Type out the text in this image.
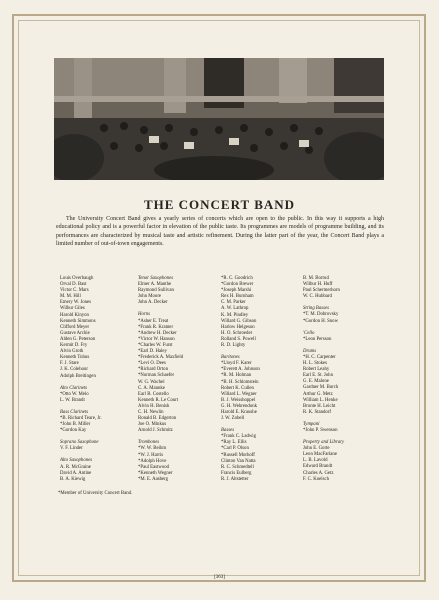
THE CONCERT BAND
The University Concert Band gives a yearly series of concerts which are open to the public. In this way it supports a high educational policy and is a powerful factor in elevation of the public taste. Its programmes are models of programme building, and its performances are characterized by musical taste and artistic refinement. During the latter part of the year, the Concert Band plays a limited number of out-of-town engagements.
Louis Overbaugh
Orval D. Bast
Victor C. Mars
M. M. Hill
Emery W. Jones
Wilbur Giles
Harold Kinyon
Kenneth Simmons
Clifford Meyer
Gustave Archie
Alden G. Peterson
Kermit D. Fry
Alvin Groth
Kenneth Tuhus
F. J. Stare
J. K. Colehour
Adolph Breitingen
Alto Clarinets
*Otto W. Melo
L. W. Brandt
Bass Clarinets
*B. Richard Teare, Jr.
*John B. Miller
*Gordon Kay
Soprano Saxophone
V. F. Linder
Alto Saxophones
A. R. McGraine
David A. Antine
B. A. Kiewig
Tenor Saxophones
Elmer A. Manthe
Raymond Sullivan
John Moore
John A. Decker
Horns
*Asher E. Treat
*Frank R. Kramer
*Andrew H. Decker
*Victor W. Hanson
*Charles W. Furst
*Earl D. Haley
*Frederick A. Maxfield
*Levi O. Dees
*Richard Orton
*Norman Schaefer
W. G. Wachel
C. A. Mannke
Earl B. Costello
Kenneth R. Le Court
Alvin H. Benish
C. H. Newlin
Ronald B. Edgerton
Joe O. Minkus
Arnold J. Schmitz
Trombones
*W. W. Beihm
*W. J. Harris
*Adolph Hove
*Paul Eastwood
*Kenneth Wegner
*M. E. Aasberg
*R. C. Goodrich
*Gordon Brewer
*Joseph Marshi
Rex H. Burnham
C. M. Parker
A. W. Lathrop
K. M. Pindley
Willard G. Gibson
Harlow Helgeson
H. O. Schroeder
Rolland S. Powell
R. D. Lighty
Baritones
*Lloyd F. Karer
*Everett A. Johnson
*R. M. Holman
*B. H. Schlomstein
Robert K. Cullen
Willard L. Wegner
B. J. Weisshoppel
G. H. Wehrendonk
Harold E. Kraushe
J. W. Zobell
Basses
*Frank C. Ladwig
*Ray L. Ellis
*Carl P. Olson
*Russell Morhoff
Clinton Van Natta
R. C. Schmedtell
Francis Eulberg
R. J. Altstetter
B. M. Borrud
Wilbur H. Huff
Paul Schermerhorn
W. C. Hubbard
String Basses
*T. M. Dobrovsky
*Gordon H. Snow
'Cello
*Leon Persson
Drums
*H. C. Carpenter
H. L. Stokes
Robert Leahy
Earl E. St. John
G. E. Malone
Gardner M. Burch
Arthur G. Metz
William L. Henke
Bronte H. Leicht
R. K. Standorf
Tympani
*John P. Swenson
Property and Library
John E. Gorte
Leon MacFarlane
L. B. Lavold
Edward Brandt
Charles A. Getz
F. C. Koelsch
*Member of University Concert Band.
[363]
